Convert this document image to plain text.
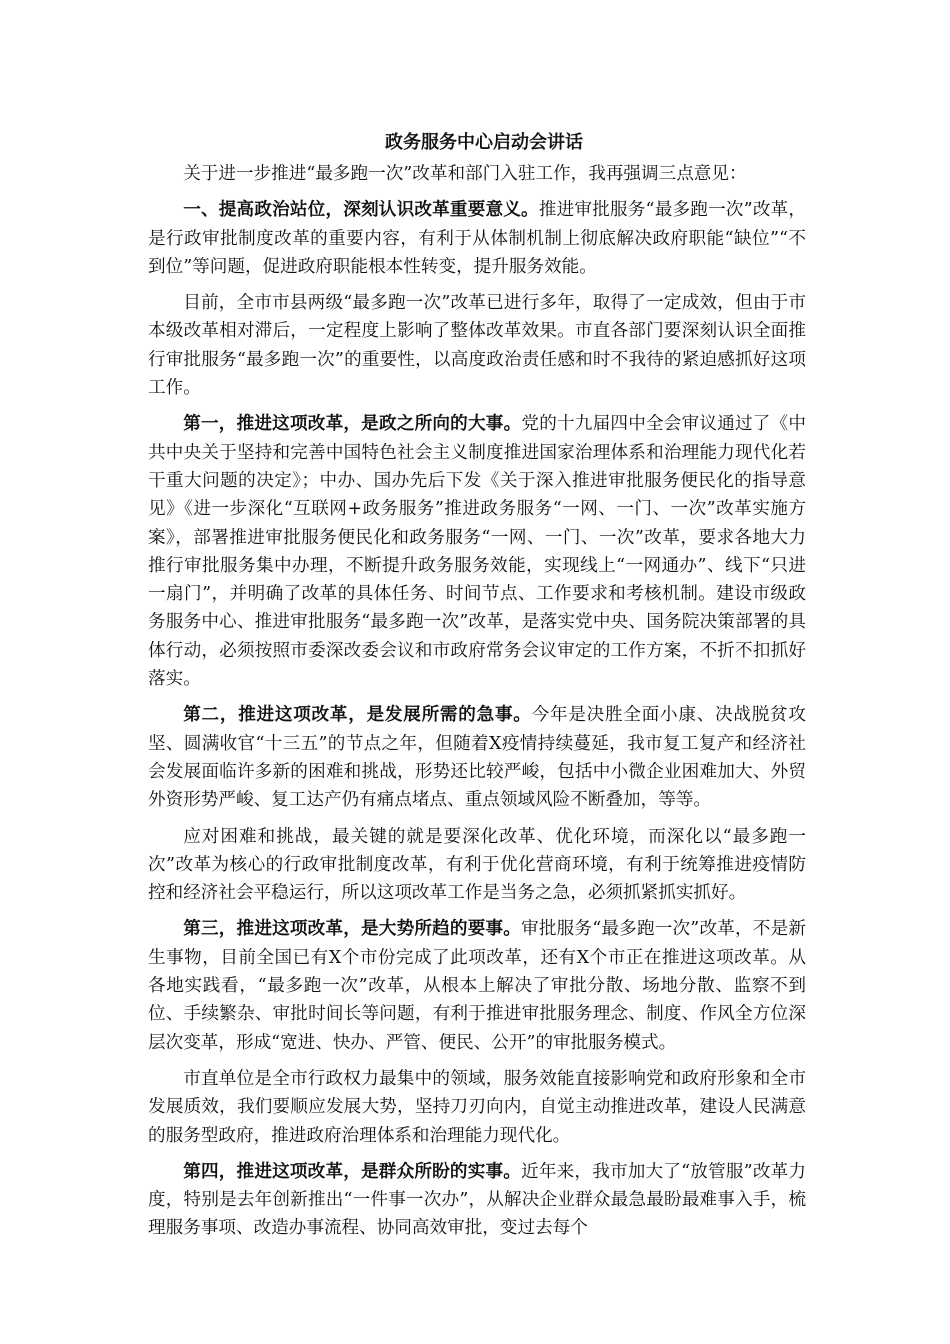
政务服务中心启动会讲话

关于进一步推进“最多跑一次”改革和部门入驻工作，我再强调三点意见：

一、提高政治站位，深刻认识改革重要意义。推进审批服务“最多跑一次”改革，是行政审批制度改革的重要内容，有利于从体制机制上彻底解决政府职能“缺位”“不到位”等问题，促进政府职能根本性转变，提升服务效能。

目前，全市市县两级“最多跑一次”改革已进行多年，取得了一定成效，但由于市本级改革相对滞后，一定程度上影响了整体改革效果。市直各部门要深刻认识全面推行审批服务“最多跑一次”的重要性，以高度政治责任感和时不我待的紧迫感抓好这项工作。

第一，推进这项改革，是政之所向的大事。党的十九届四中全会审议通过了《中共中央关于坚持和完善中国特色社会主义制度推进国家治理体系和治理能力现代化若干重大问题的决定》；中办、国办先后下发《关于深入推进审批服务便民化的指导意见》《进一步深化“互联网+政务服务”推进政务服务“一网、一门、一次”改革实施方案》，部署推进审批服务便民化和政务服务“一网、一门、一次”改革，要求各地大力推行审批服务集中办理，不断提升政务服务效能，实现线上“一网通办”、线下“只进一扇门”，并明确了改革的具体任务、时间节点、工作要求和考核机制。建设市级政务服务中心、推进审批服务“最多跑一次”改革，是落实党中央、国务院决策部署的具体行动，必须按照市委深改委会议和市政府常务会议审定的工作方案，不折不扣抓好落实。

第二，推进这项改革，是发展所需的急事。今年是决胜全面小康、决战脱贫攻坚、圆满收官“十三五”的节点之年，但随着X疫情持续蔓延，我市复工复产和经济社会发展面临许多新的困难和挑战，形势还比较严峻，包括中小微企业困难加大、外贸外资形势严峻、复工达产仍有痛点堵点、重点领域风险不断叠加，等等。

应对困难和挑战，最关键的就是要深化改革、优化环境，而深化以“最多跑一次”改革为核心的行政审批制度改革，有利于优化营商环境，有利于统筹推进疫情防控和经济社会平稳运行，所以这项改革工作是当务之急，必须抓紧抓实抓好。

第三，推进这项改革，是大势所趋的要事。审批服务“最多跑一次”改革，不是新生事物，目前全国已有X个市份完成了此项改革，还有X个市正在推进这项改革。从各地实践看，“最多跑一次”改革，从根本上解决了审批分散、场地分散、监察不到位、手续繁杂、审批时间长等问题，有利于推进审批服务理念、制度、作风全方位深层次变革，形成“宽进、快办、严管、便民、公开”的审批服务模式。

市直单位是全市行政权力最集中的领域，服务效能直接影响党和政府形象和全市发展质效，我们要顺应发展大势，坚持刀刃向内，自觉主动推进改革，建设人民满意的服务型政府，推进政府治理体系和治理能力现代化。

第四，推进这项改革，是群众所盼的实事。近年来，我市加大了“放管服”改革力度，特别是去年创新推出“一件事一次办”，从解决企业群众最急最盼最难事入手，梳理服务事项、改造办事流程、协同高效审批，变过去每个
